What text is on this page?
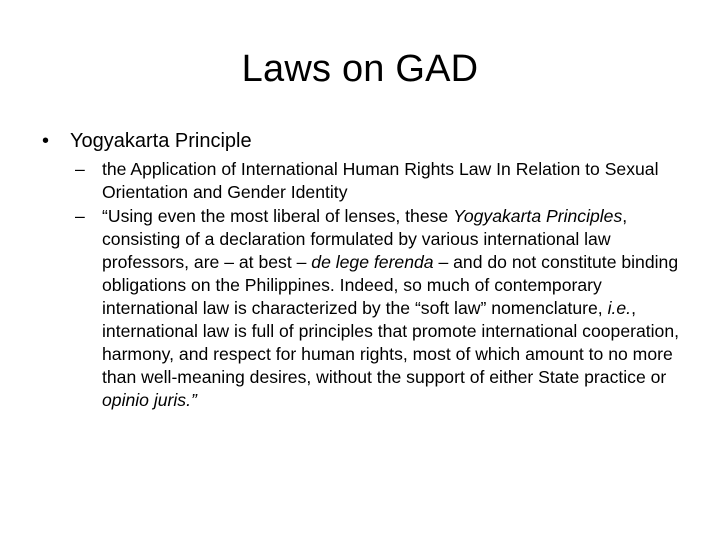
Laws on GAD
•	Yogyakarta Principle
– the Application of International Human Rights Law In Relation to Sexual Orientation and Gender Identity
– “Using even the most liberal of lenses, these Yogyakarta Principles, consisting of a declaration formulated by various international law professors, are – at best – de lege ferenda – and do not constitute binding obligations on the Philippines. Indeed, so much of contemporary international law is characterized by the “soft law” nomenclature, i.e., international law is full of principles that promote international cooperation, harmony, and respect for human rights, most of which amount to no more than well-meaning desires, without the support of either State practice or opinio juris.”
